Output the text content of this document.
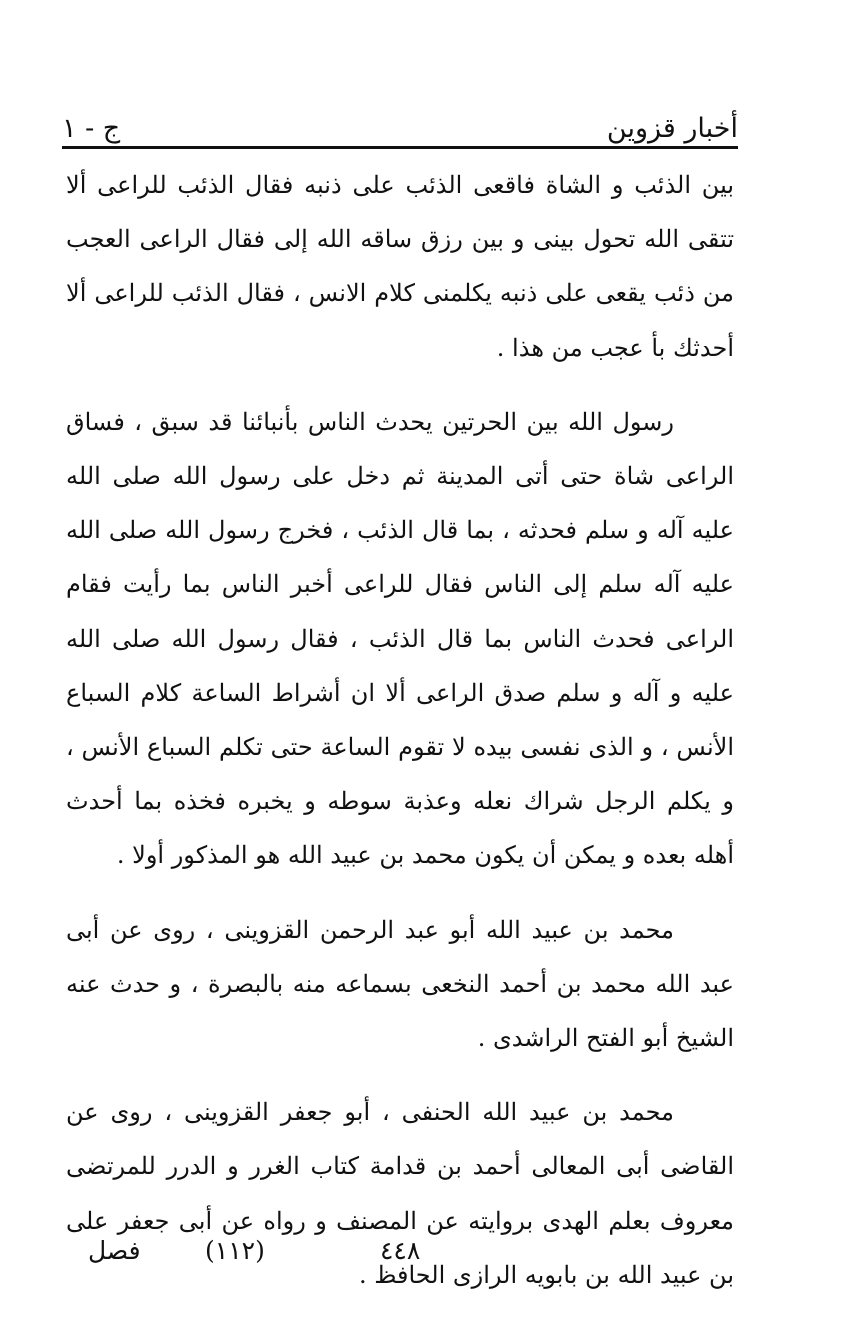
أخبار قزوين
ج - ١

بين الذئب و الشاة فاقعى الذئب على ذنبه فقال الذئب للراعى ألا تتقى الله تحول بينى و بين رزق ساقه الله إلى فقال الراعى العجب من ذئب يقعى على ذنبه يكلمنى كلام الانس ، فقال الذئب للراعى ألا أحدثك بأ عجب من هذا .

رسول الله بين الحرتين يحدث الناس بأنبائنا قد سبق ، فساق الراعى شاة حتى أتى المدينة ثم دخل على رسول الله صلى الله عليه آله و سلم فحدثه ، بما قال الذئب ، فخرج رسول الله صلى الله عليه آله سلم إلى الناس فقال للراعى أخبر الناس بما رأيت فقام الراعى فحدث الناس بما قال الذئب ، فقال رسول الله صلى الله عليه و آله و سلم صدق الراعى ألا ان أشراط الساعة كلام السباع الأنس ، و الذى نفسى بيده لا تقوم الساعة حتى تكلم السباع الأنس ، و يكلم الرجل شراك نعله وعذبة سوطه و يخبره فخذه بما أحدث أهله بعده و يمكن أن يكون محمد بن عبيد الله هو المذكور أولا .

محمد بن عبيد الله أبو عبد الرحمن القزوينى ، روى عن أبى عبد الله محمد بن أحمد النخعى بسماعه منه بالبصرة ، و حدث عنه الشيخ أبو الفتح الراشدى .

محمد بن عبيد الله الحنفى ، أبو جعفر القزوينى ، روى عن القاضى أبى المعالى أحمد بن قدامة كتاب الغرر و الدرر للمرتضى معروف بعلم الهدى بروايته عن المصنف و رواه عن أبى جعفر على بن عبيد الله بن بابويه الرازى الحافظ .

٤٤٨
(١١٢)
فصل
